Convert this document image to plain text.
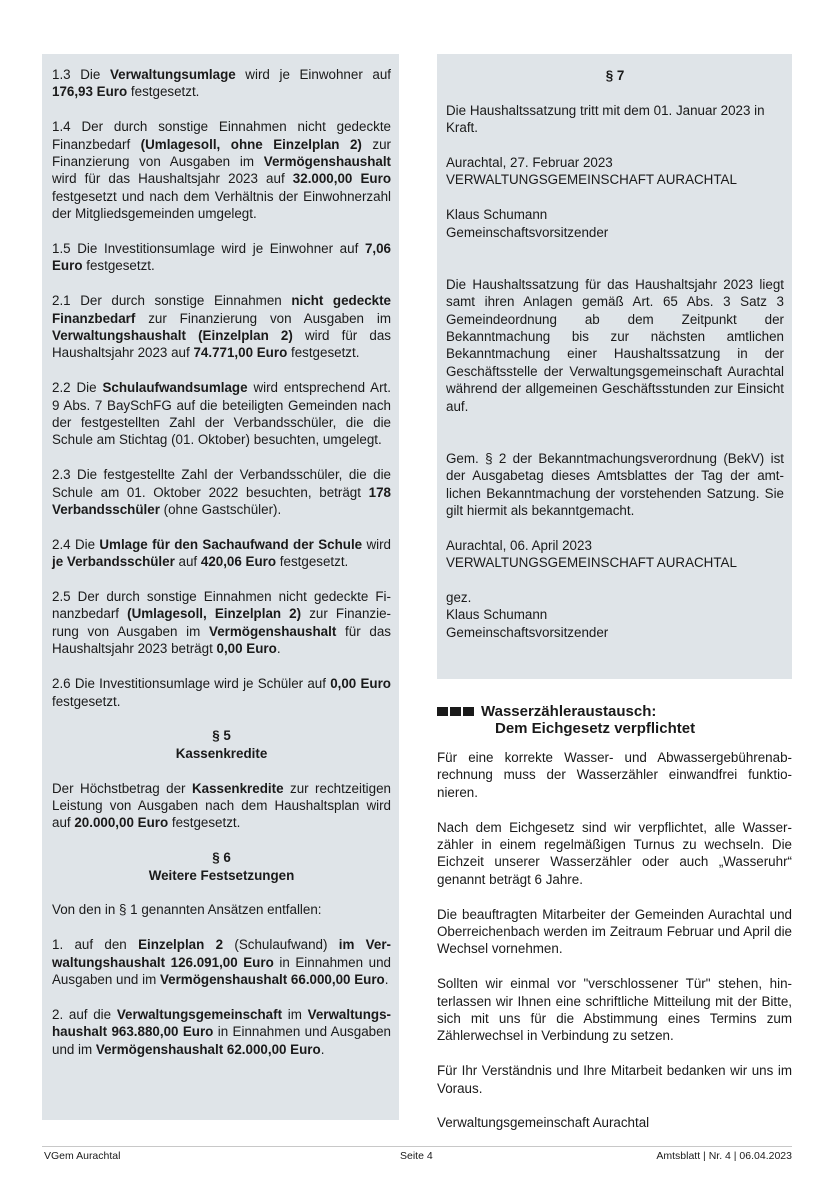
1.3 Die Verwaltungsumlage wird je Einwohner auf 176,93 Euro festgesetzt.

1.4 Der durch sonstige Einnahmen nicht gedeckte Finanzbedarf (Umlagesoll, ohne Einzelplan 2) zur Finanzierung von Ausgaben im Vermögenshaushalt wird für das Haushaltsjahr 2023 auf 32.000,00 Euro festgesetzt und nach dem Verhältnis der Einwohnerzahl der Mitgliedsgemeinden umgelegt.

1.5 Die Investitionsumlage wird je Einwohner auf 7,06 Euro festgesetzt.

2.1 Der durch sonstige Einnahmen nicht gedeckte Finanzbedarf zur Finanzierung von Ausgaben im Verwaltungshaushalt (Einzelplan 2) wird für das Haushaltsjahr 2023 auf 74.771,00 Euro festgesetzt.

2.2 Die Schulaufwandsumlage wird entsprechend Art. 9 Abs. 7 BaySchFG auf die beteiligten Gemeinden nach der festgestellten Zahl der Verbandsschüler, die die Schule am Stichtag (01. Oktober) besuchten, umgelegt.

2.3 Die festgestellte Zahl der Verbandsschüler, die die Schule am 01. Oktober 2022 besuchten, beträgt 178 Verbandsschüler (ohne Gastschüler).

2.4 Die Umlage für den Sachaufwand der Schule wird je Verbandsschüler auf 420,06 Euro festgesetzt.

2.5 Der durch sonstige Einnahmen nicht gedeckte Finanzbedarf (Umlagesoll, Einzelplan 2) zur Finanzierung von Ausgaben im Vermögenshaushalt für das Haushaltsjahr 2023 beträgt 0,00 Euro.

2.6 Die Investitionsumlage wird je Schüler auf 0,00 Euro festgesetzt.

§ 5

Kassenkredite

Der Höchstbetrag der Kassenkredite zur rechtzeitigen Leistung von Ausgaben nach dem Haushaltsplan wird auf 20.000,00 Euro festgesetzt.

§ 6

Weitere Festsetzungen

Von den in § 1 genannten Ansätzen entfallen:

1. auf den Einzelplan 2 (Schulaufwand) im Verwaltungshaushalt 126.091,00 Euro in Einnahmen und Ausgaben und im Vermögenshaushalt 66.000,00 Euro.

2. auf die Verwaltungsgemeinschaft im Verwaltungshaushalt 963.880,00 Euro in Einnahmen und Ausgaben und im Vermögenshaushalt 62.000,00 Euro.

§ 7

Die Haushaltssatzung tritt mit dem 01. Januar 2023 in Kraft.

Aurachtal, 27. Februar 2023

VERWALTUNGSGEMEINSCHAFT AURACHTAL

Klaus Schumann

Gemeinschaftsvorsitzender

Die Haushaltssatzung für das Haushaltsjahr 2023 liegt samt ihren Anlagen gemäß Art. 65 Abs. 3 Satz 3 Gemeindeordnung ab dem Zeitpunkt der Bekanntmachung bis zur nächsten amtlichen Bekanntmachung einer Haushaltssatzung in der Geschäftsstelle der Verwaltungsgemeinschaft Aurachtal während der allgemeinen Geschäftsstunden zur Einsicht auf.

Gem. § 2 der Bekanntmachungsverordnung (BekV) ist der Ausgabetag dieses Amtsblattes der Tag der amtlichen Bekanntmachung der vorstehenden Satzung. Sie gilt hiermit als bekanntgemacht.

Aurachtal, 06. April 2023

VERWALTUNGSGEMEINSCHAFT AURACHTAL

gez.

Klaus Schumann

Gemeinschaftsvorsitzender

Wasserzähleraustausch:
Dem Eichgesetz verpflichtet

Für eine korrekte Wasser- und Abwassergebührenabrechnung muss der Wasserzähler einwandfrei funktionieren.

Nach dem Eichgesetz sind wir verpflichtet, alle Wasserzähler in einem regelmäßigen Turnus zu wechseln. Die Eichzeit unserer Wasserzähler oder auch „Wasseruhr“ genannt beträgt 6 Jahre.

Die beauftragten Mitarbeiter der Gemeinden Aurachtal und Oberreichenbach werden im Zeitraum Februar und April die Wechsel vornehmen.

Sollten wir einmal vor "verschlossener Tür" stehen, hinterlassen wir Ihnen eine schriftliche Mitteilung mit der Bitte, sich mit uns für die Abstimmung eines Termins zum Zählerwechsel in Verbindung zu setzen.

Für Ihr Verständnis und Ihre Mitarbeit bedanken wir uns im Voraus.

Verwaltungsgemeinschaft Aurachtal

VGem Aurachtal	Seite 4	Amtsblatt | Nr. 4 | 06.04.2023
